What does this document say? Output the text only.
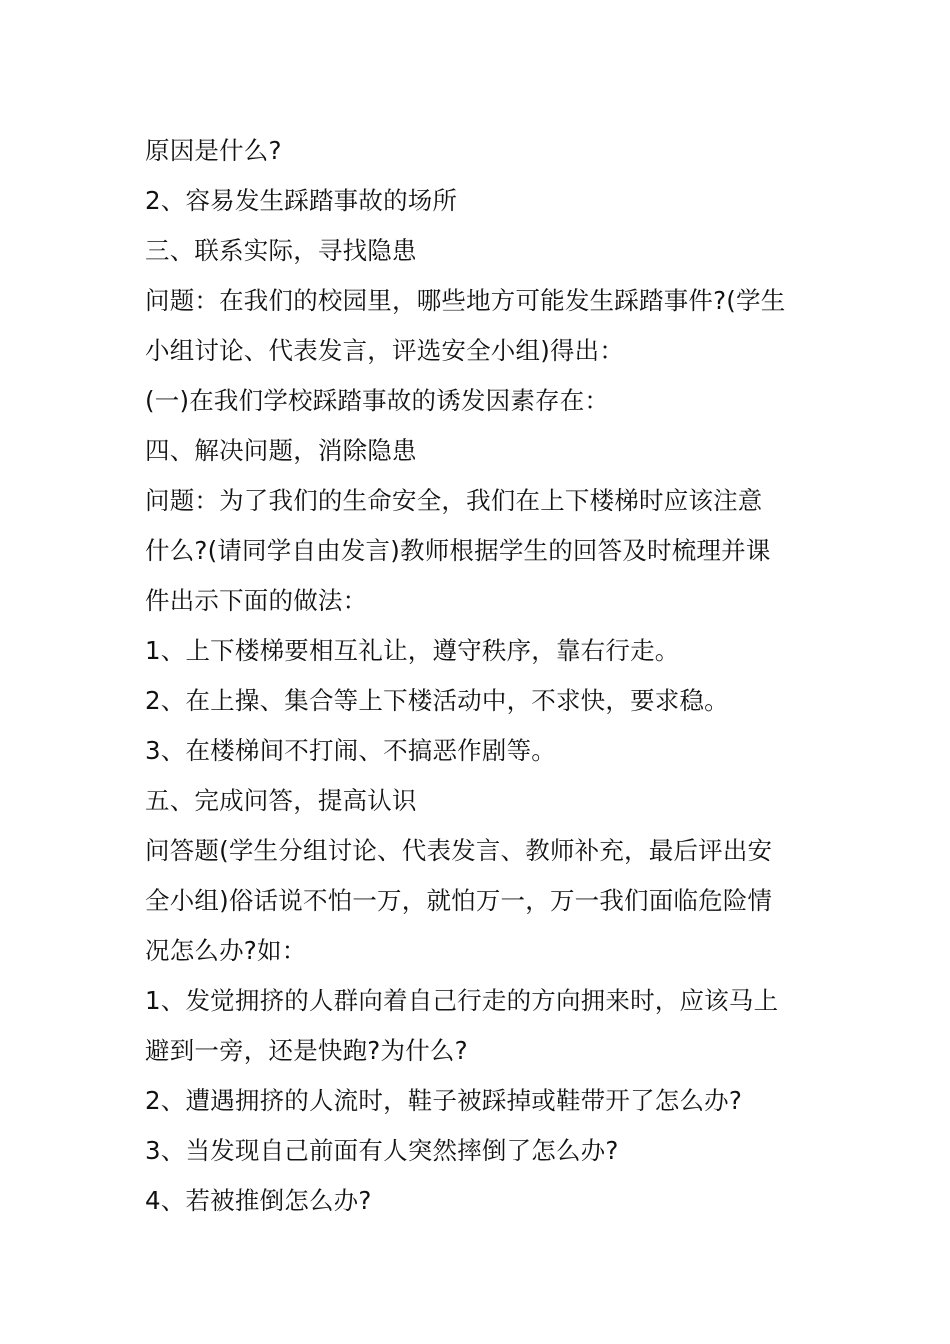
原因是什么?
2、容易发生踩踏事故的场所
三、联系实际，寻找隐患
问题：在我们的校园里，哪些地方可能发生踩踏事件?(学生
小组讨论、代表发言，评选安全小组)得出：
(一)在我们学校踩踏事故的诱发因素存在：
四、解决问题，消除隐患
问题：为了我们的生命安全，我们在上下楼梯时应该注意
什么?(请同学自由发言)教师根据学生的回答及时梳理并课
件出示下面的做法：
1、上下楼梯要相互礼让，遵守秩序，靠右行走。
2、在上操、集合等上下楼活动中，不求快，要求稳。
3、在楼梯间不打闹、不搞恶作剧等。
五、完成问答，提高认识
问答题(学生分组讨论、代表发言、教师补充，最后评出安
全小组)俗话说不怕一万，就怕万一，万一我们面临危险情
况怎么办?如：
1、发觉拥挤的人群向着自己行走的方向拥来时，应该马上
避到一旁，还是快跑?为什么?
2、遭遇拥挤的人流时，鞋子被踩掉或鞋带开了怎么办?
3、当发现自己前面有人突然摔倒了怎么办?
4、若被推倒怎么办?
